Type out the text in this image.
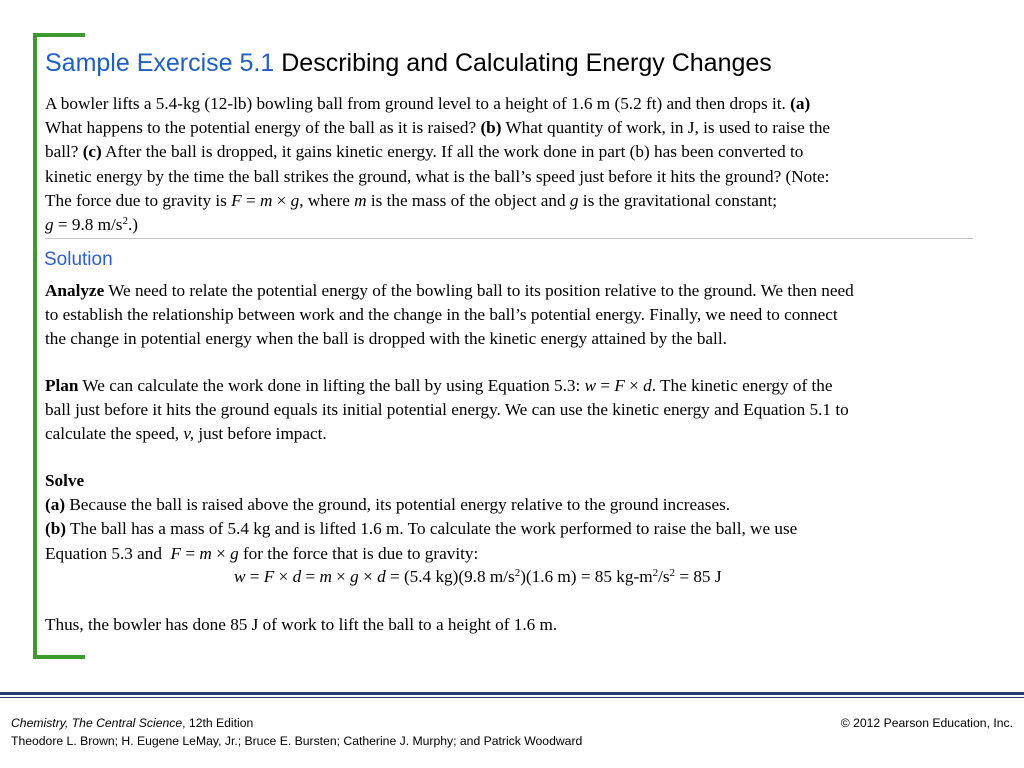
Sample Exercise 5.1 Describing and Calculating Energy Changes
A bowler lifts a 5.4-kg (12-lb) bowling ball from ground level to a height of 1.6 m (5.2 ft) and then drops it. (a)
What happens to the potential energy of the ball as it is raised? (b) What quantity of work, in J, is used to raise the
ball? (c) After the ball is dropped, it gains kinetic energy. If all the work done in part (b) has been converted to
kinetic energy by the time the ball strikes the ground, what is the ball’s speed just before it hits the ground? (Note:
The force due to gravity is F = m × g, where m is the mass of the object and g is the gravitational constant;
g = 9.8 $m/s^2$.)
Solution
Analyze We need to relate the potential energy of the bowling ball to its position relative to the ground. We then need
to establish the relationship between work and the change in the ball’s potential energy. Finally, we need to connect
the change in potential energy when the ball is dropped with the kinetic energy attained by the ball.
Plan We can calculate the work done in lifting the ball by using Equation 5.3: w = F × d. The kinetic energy of the
ball just before it hits the ground equals its initial potential energy. We can use the kinetic energy and Equation 5.1 to
calculate the speed, v, just before impact.
Solve
(a) Because the ball is raised above the ground, its potential energy relative to the ground increases.
(b) The ball has a mass of 5.4 kg and is lifted 1.6 m. To calculate the work performed to raise the ball, we use
Equation 5.3 and  F = m × g for the force that is due to gravity:
w = F × d = m × g × d = (5.4 kg)(9.8 $m/s^2)(1.6$ m) = 85 $kg-m^2/s^2 = 85$ J
Thus, the bowler has done 85 J of work to lift the ball to a height of 1.6 m.
Chemistry, The Central Science, 12th Edition
Theodore L. Brown; H. Eugene LeMay, Jr.; Bruce E. Bursten; Catherine J. Murphy; and Patrick Woodward
© 2012 Pearson Education, Inc.
